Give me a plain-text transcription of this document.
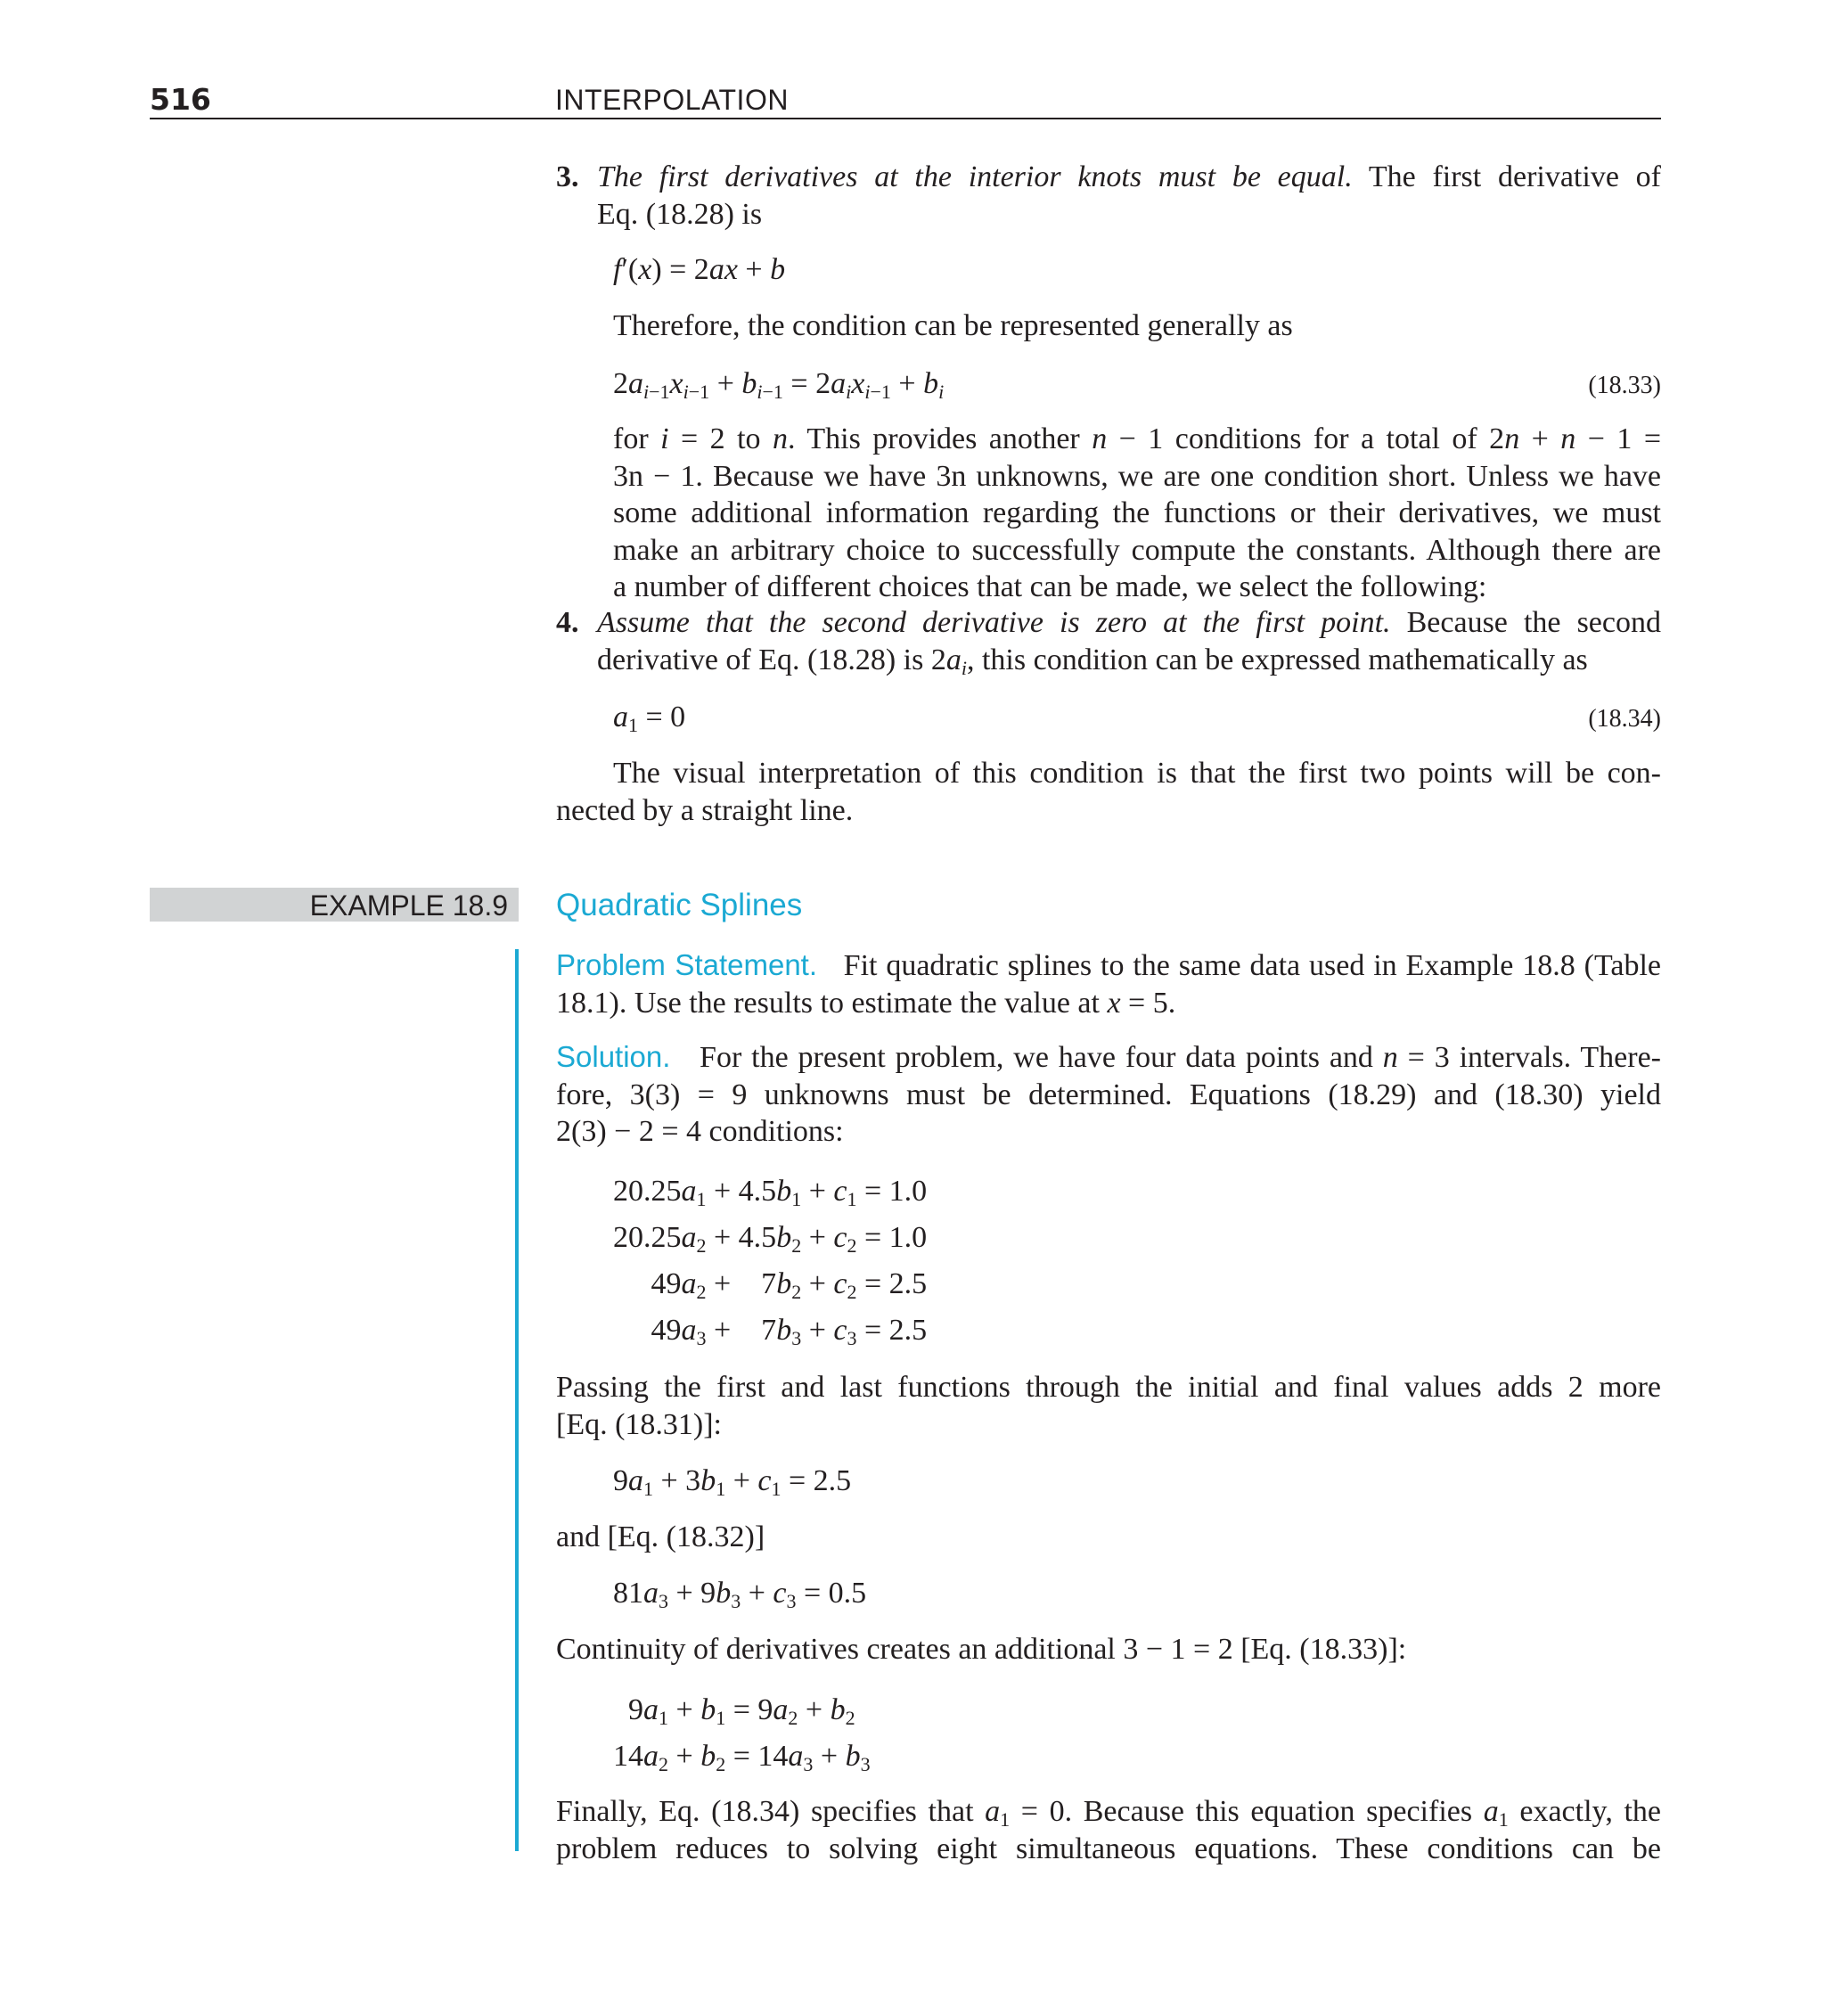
516	INTERPOLATION
3. The first derivatives at the interior knots must be equal. The first derivative of

Eq. (18.28) is

f′(x) = 2ax + b

Therefore, the condition can be represented generally as

$2a_{i-1}x_{i-1} + b_{i-1} = 2a_ix_{i-1} + b_i$	(18.33)

for i = 2 to n. This provides another n − 1 conditions for a total of 2n + n − 1 =

3n − 1. Because we have 3n unknowns, we are one condition short. Unless we have

some additional information regarding the functions or their derivatives, we must

make an arbitrary choice to successfully compute the constants. Although there are

a number of different choices that can be made, we select the following:

4. Assume that the second derivative is zero at the first point. Because the second

derivative of Eq. (18.28) is $2a_i$, this condition can be expressed mathematically as

$a_1 = 0$	(18.34)

The visual interpretation of this condition is that the first two points will be con-

nected by a straight line.

EXAMPLE 18.9 Quadratic Splines

Problem Statement. Fit quadratic splines to the same data used in Example 18.8 (Table

18.1). Use the results to estimate the value at x = 5.

Solution.   For the present problem, we have four data points and n = 3 intervals. There-

fore, 3(3) = 9 unknowns must be determined. Equations (18.29) and (18.30) yield

2(3) − 2 = 4 conditions:

$20.25a_1$	+ $4.5b_1$	+ $c_1 = 1.0$
$20.25a_2$	+ $4.5b_2$	+ $c_2 = 1.0$
$49a_2$	+    $7b_2$	+ $c_2 = 2.5$
$49a_3$	+    $7b_3$	+ $c_3 = 2.5$

Passing the first and last functions through the initial and final values adds 2 more

[Eq. (18.31)]:

$9a_1 + 3b_1 + c_1 = 2.5$

and [Eq. (18.32)]

$81a_3 + 9b_3 + c_3 = 0.5$

Continuity of derivatives creates an additional 3 − 1 = 2 [Eq. (18.33)]:

$9a_1$	+ $b_1 = 9a_2 + b_2$
$14a_2$	+ $b_2 = 14a_3 + b_3$

Finally, Eq. (18.34) specifies that $a_1 = 0$. Because this equation specifies $a_1$ exactly, the

problem reduces to solving eight simultaneous equations. These conditions can be
